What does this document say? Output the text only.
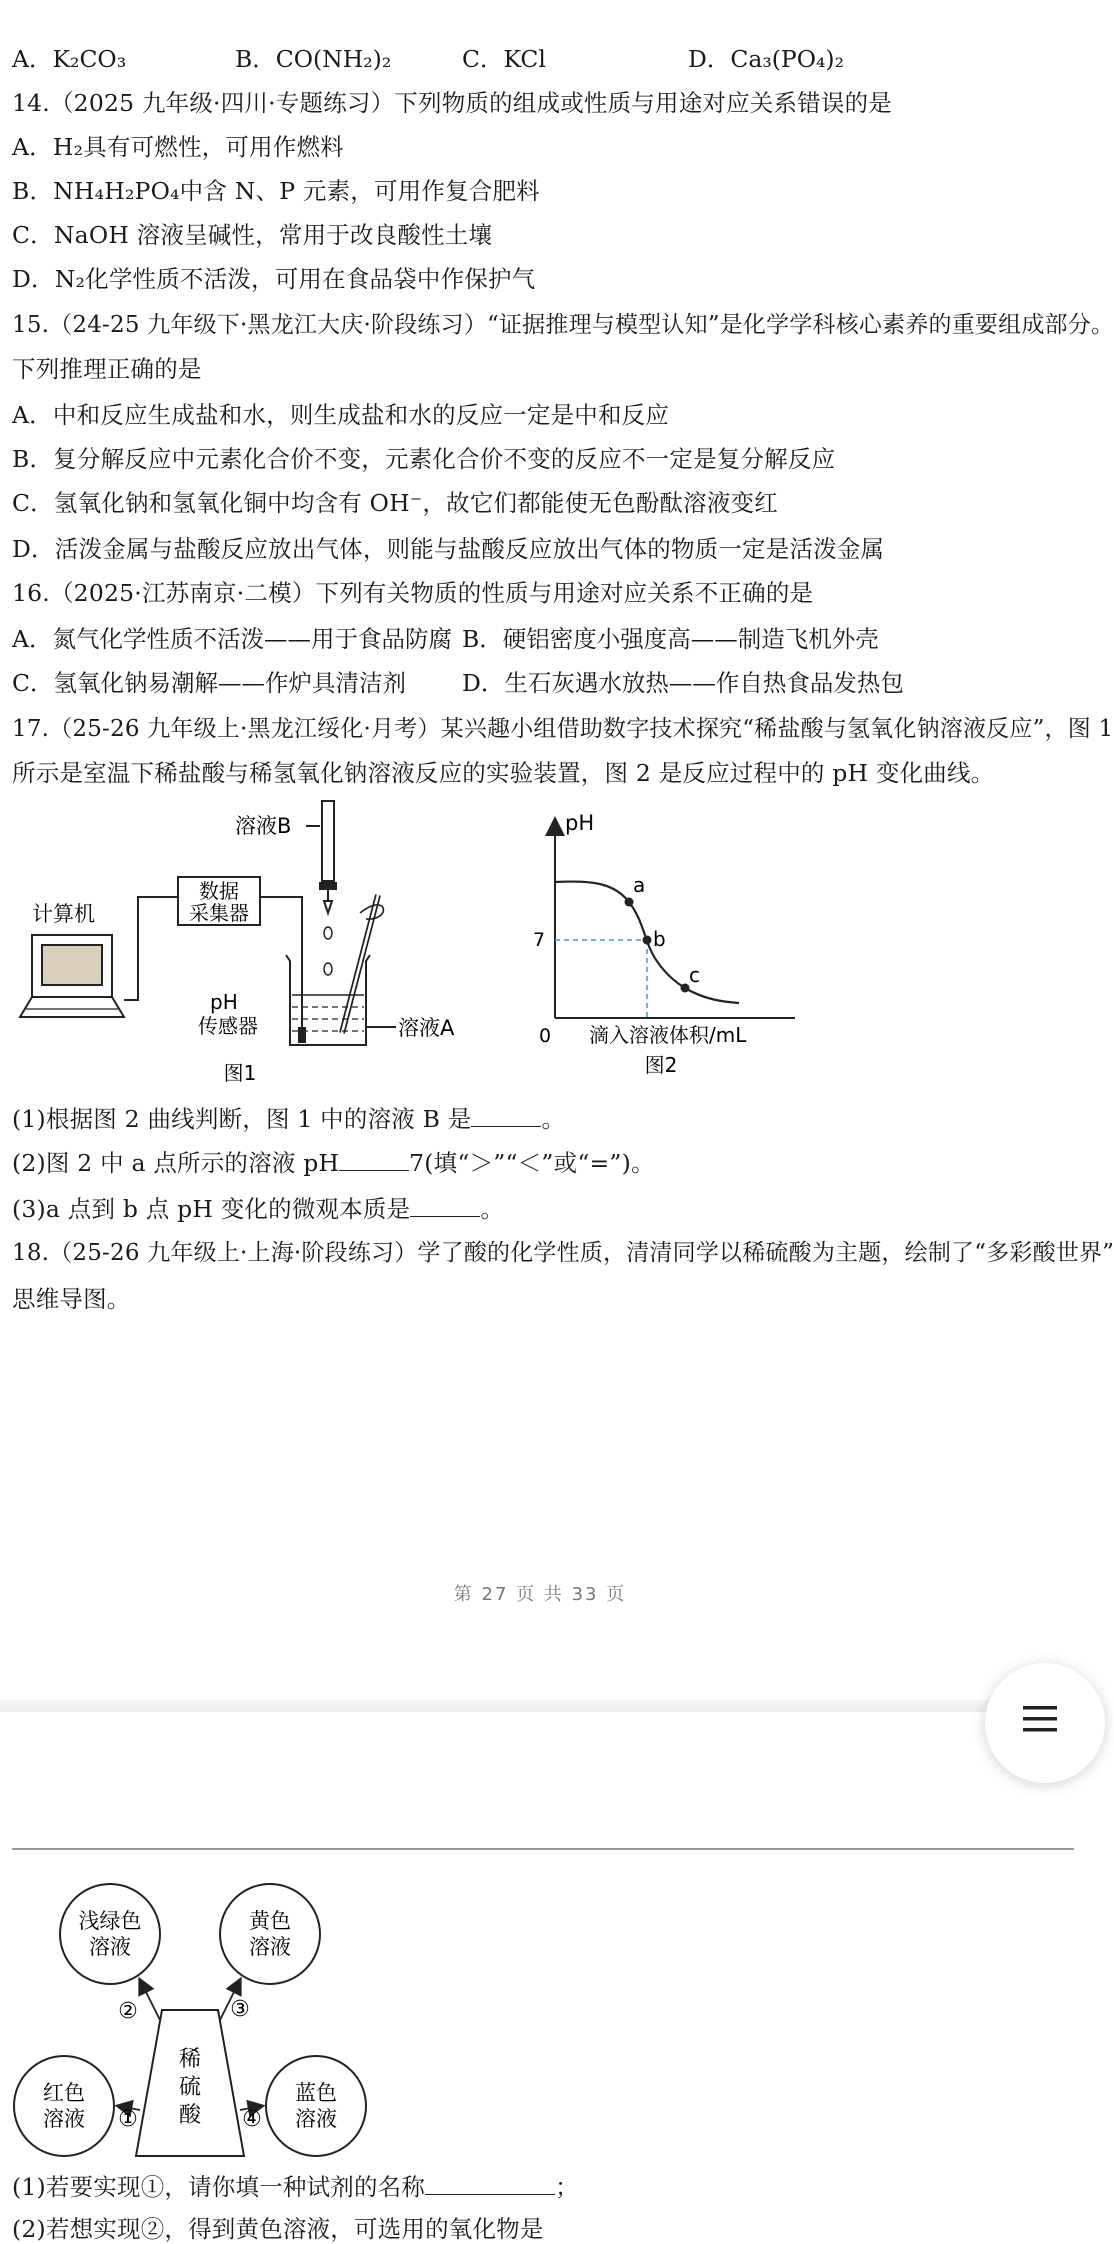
A．K₂CO₃	B．CO(NH₂)₂	C．KCl	D．Ca₃(PO₄)₂
14.（2025 九年级·四川·专题练习）下列物质的组成或性质与用途对应关系错误的是
A．H₂具有可燃性，可用作燃料
B．NH₄H₂PO₄中含 N、P 元素，可用作复合肥料
C．NaOH 溶液呈碱性，常用于改良酸性土壤
D．N₂化学性质不活泼，可用在食品袋中作保护气
15.（24-25 九年级下·黑龙江大庆·阶段练习）“证据推理与模型认知”是化学学科核心素养的重要组成部分。
下列推理正确的是
A．中和反应生成盐和水，则生成盐和水的反应一定是中和反应
B．复分解反应中元素化合价不变，元素化合价不变的反应不一定是复分解反应
C．氢氧化钠和氢氧化铜中均含有 OH⁻，故它们都能使无色酚酞溶液变红
D．活泼金属与盐酸反应放出气体，则能与盐酸反应放出气体的物质一定是活泼金属
16.（2025·江苏南京·二模）下列有关物质的性质与用途对应关系不正确的是
A．氮气化学性质不活泼——用于食品防腐 B．硬铝密度小强度高——制造飞机外壳
C．氢氧化钠易潮解——作炉具清洁剂 D．生石灰遇水放热——作自热食品发热包
17.（25-26 九年级上·黑龙江绥化·月考）某兴趣小组借助数字技术探究“稀盐酸与氢氧化钠溶液反应”，图 1
所示是室温下稀盐酸与稀氢氧化钠溶液反应的实验装置，图 2 是反应过程中的 pH 变化曲线。
计算机
数据
采集器
溶液B
pH
传感器	溶液A
图1
pH
7
0
a
b
c
滴入溶液体积/mL
图2
(1)根据图 2 曲线判断，图 1 中的溶液 B 是	。
(2)图 2 中 a 点所示的溶液 pH	7(填“＞”“＜”或“=”)。
(3)a 点到 b 点 pH 变化的微观本质是	。
18.（25-26 九年级上·上海·阶段练习）学了酸的化学性质，清清同学以稀硫酸为主题，绘制了“多彩酸世界”
思维导图。
第 27 页 共 33 页
浅绿色
溶液
黄色
溶液
红色
溶液
蓝色
溶液
稀
硫
酸
②	③
①	④
(1)若要实现①，请你填一种试剂的名称	；
(2)若想实现②，得到黄色溶液，可选用的氧化物是
